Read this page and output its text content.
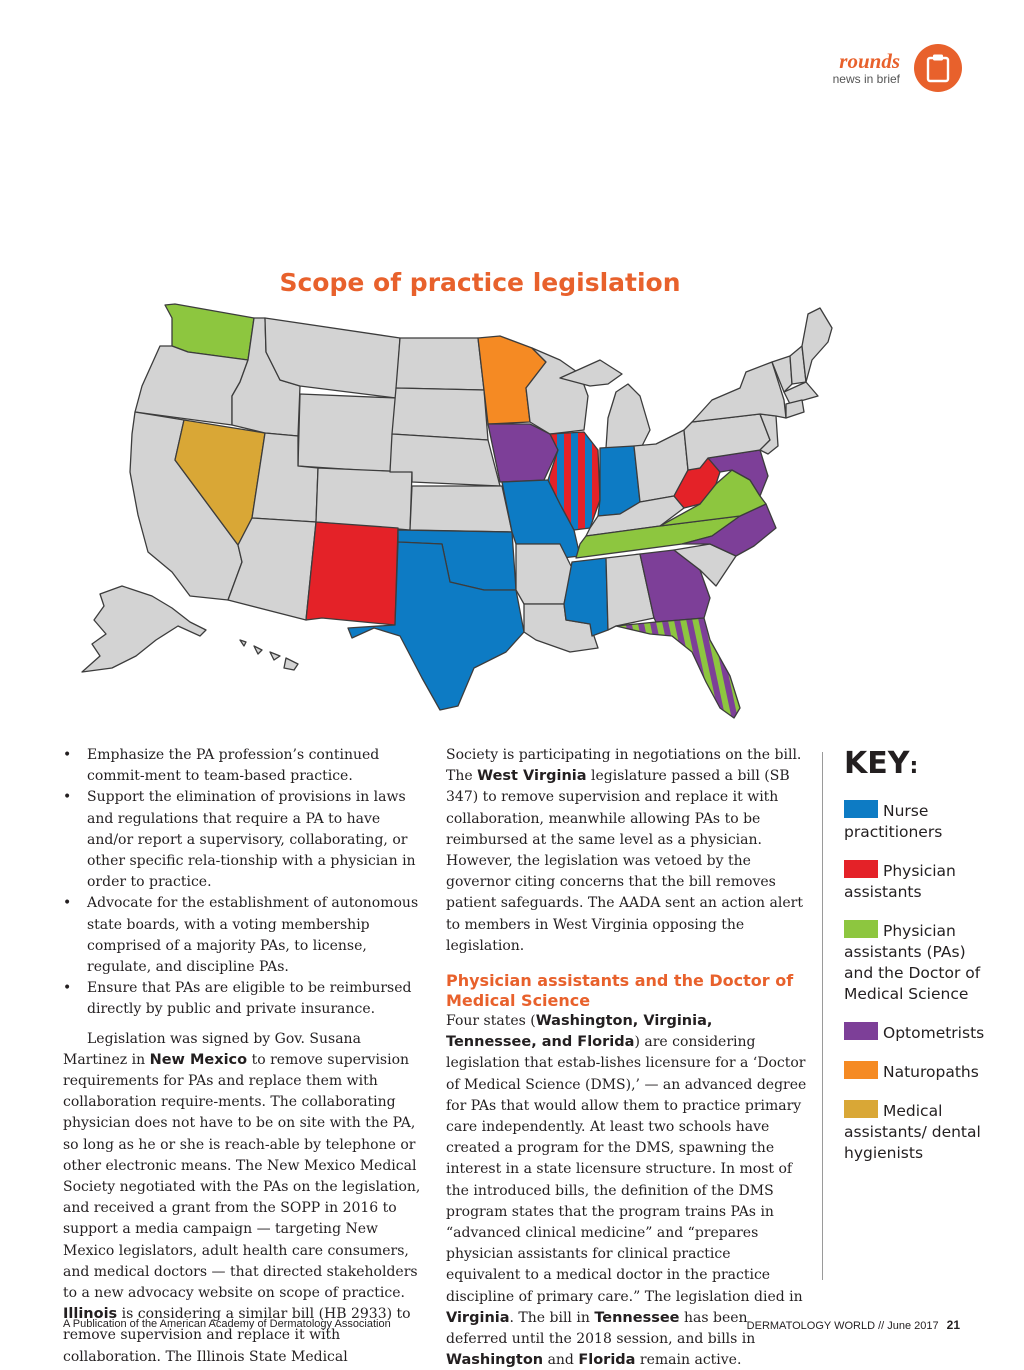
rounds
news in brief
Scope of practice legislation
• Emphasize the PA profession’s continued commit-ment to team-based practice.
• Support the elimination of provisions in laws and regulations that require a PA to have and/or report a supervisory, collaborating, or other specific rela-tionship with a physician in order to practice.
• Advocate for the establishment of autonomous state boards, with a voting membership comprised of a majority PAs, to license, regulate, and discipline PAs.
• Ensure that PAs are eligible to be reimbursed directly by public and private insurance.

Legislation was signed by Gov. Susana Martinez in New Mexico to remove supervision requirements for PAs and replace them with collaboration require-ments. The collaborating physician does not have to be on site with the PA, so long as he or she is reach-able by telephone or other electronic means. The New Mexico Medical Society negotiated with the PAs on the legislation, and received a grant from the SOPP in 2016 to support a media campaign — targeting New Mexico legislators, adult health care consumers, and medical doctors — that directed stakeholders to a new advocacy website on scope of practice. Illinois is considering a similar bill (HB 2933) to remove supervision and replace it with collaboration. The Illinois State Medical

Society is participating in negotiations on the bill. The West Virginia legislature passed a bill (SB 347) to remove supervision and replace it with collaboration, meanwhile allowing PAs to be reimbursed at the same level as a physician. However, the legislation was vetoed by the governor citing concerns that the bill removes patient safeguards. The AADA sent an action alert to members in West Virginia opposing the legislation.

Physician assistants and the Doctor of Medical Science

Four states (Washington, Virginia, Tennessee, and Florida) are considering legislation that estab-lishes licensure for a ‘Doctor of Medical Science (DMS),’ — an advanced degree for PAs that would allow them to practice primary care independently. At least two schools have created a program for the DMS, spawning the interest in a state licensure structure. In most of the introduced bills, the definition of the DMS program states that the program trains PAs in “advanced clinical medicine” and “prepares physician assistants for clinical practice equivalent to a medical doctor in the practice discipline of primary care.” The legislation died in Virginia. The bill in Tennessee has been deferred until the 2018 session, and bills in Washington and Florida remain active.

KEY:
Nurse practitioners
Physician assistants
Physician assistants (PAs) and the Doctor of Medical Science
Optometrists
Naturopaths
Medical assistants/ dental hygienists
A Publication of the American Academy of Dermatology Association	DERMATOLOGY WORLD // June 2017 21
